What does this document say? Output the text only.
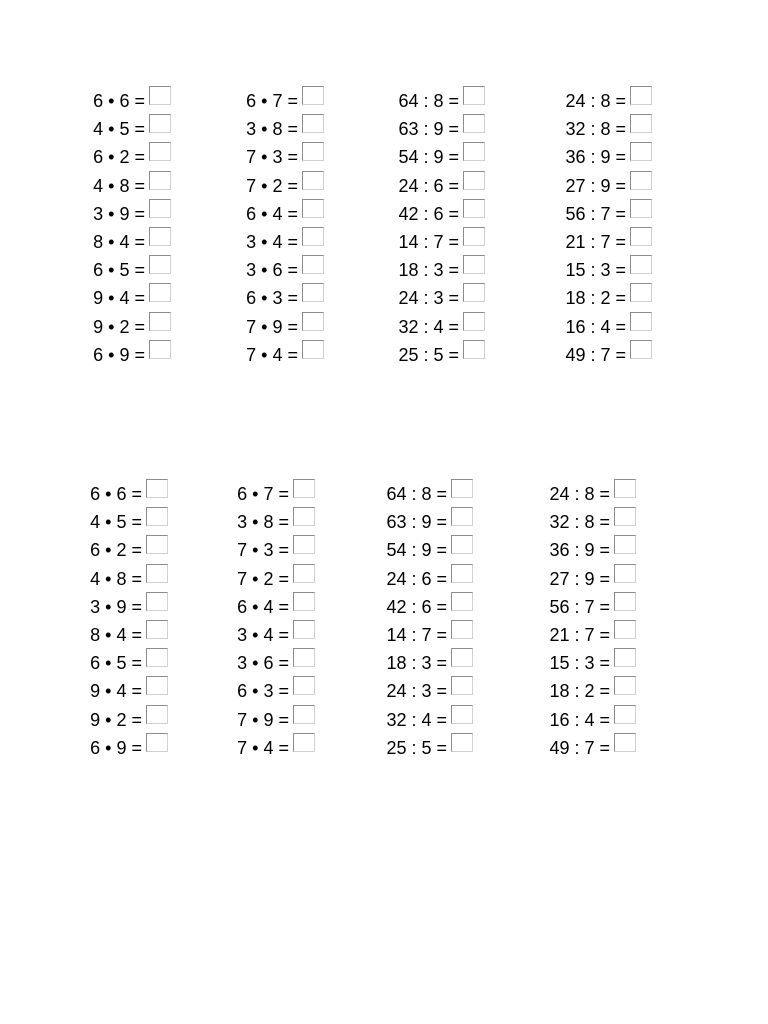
6 • 6 =
4 • 5 =
6 • 2 =
4 • 8 =
3 • 9 =
8 • 4 =
6 • 5 =
9 • 4 =
9 • 2 =
6 • 9 =
6 • 7 =
3 • 8 =
7 • 3 =
7 • 2 =
6 • 4 =
3 • 4 =
3 • 6 =
6 • 3 =
7 • 9 =
7 • 4 =
64 : 8 =
63 : 9 =
54 : 9 =
24 : 6 =
42 : 6 =
14 : 7 =
18 : 3 =
24 : 3 =
32 : 4 =
25 : 5 =
24 : 8 =
32 : 8 =
36 : 9 =
27 : 9 =
56 : 7 =
21 : 7 =
15 : 3 =
18 : 2 =
16 : 4 =
49 : 7 =
6 • 6 =
4 • 5 =
6 • 2 =
4 • 8 =
3 • 9 =
8 • 4 =
6 • 5 =
9 • 4 =
9 • 2 =
6 • 9 =
6 • 7 =
3 • 8 =
7 • 3 =
7 • 2 =
6 • 4 =
3 • 4 =
3 • 6 =
6 • 3 =
7 • 9 =
7 • 4 =
64 : 8 =
63 : 9 =
54 : 9 =
24 : 6 =
42 : 6 =
14 : 7 =
18 : 3 =
24 : 3 =
32 : 4 =
25 : 5 =
24 : 8 =
32 : 8 =
36 : 9 =
27 : 9 =
56 : 7 =
21 : 7 =
15 : 3 =
18 : 2 =
16 : 4 =
49 : 7 =
